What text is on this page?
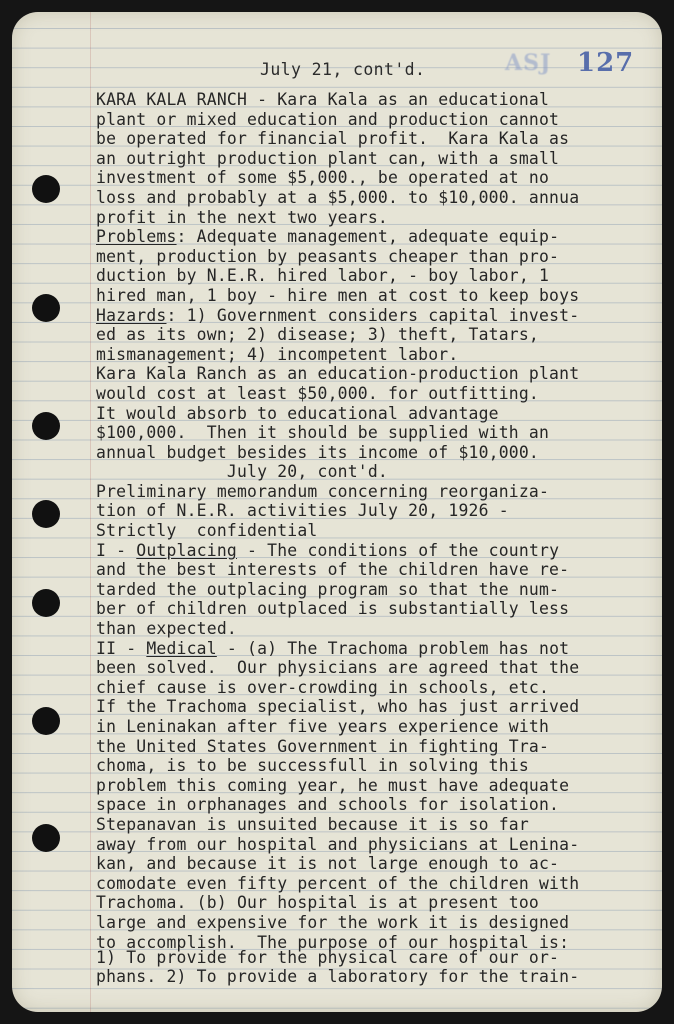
July 21, cont'd.	ASJ 127
KARA KALA RANCH - Kara Kala as an educational
plant or mixed education and production cannot
be operated for financial profit.  Kara Kala as
an outright production plant can, with a small
investment of some $5,000., be operated at no
loss and probably at a $5,000. to $10,000. annua
profit in the next two years.
Problems: Adequate management, adequate equip-
ment, production by peasants cheaper than pro-
duction by N.E.R. hired labor, - boy labor, 1
hired man, 1 boy - hire men at cost to keep boys
Hazards: 1) Government considers capital invest-
ed as its own; 2) disease; 3) theft, Tatars,
mismanagement; 4) incompetent labor.
Kara Kala Ranch as an education-production plant
would cost at least $50,000. for outfitting.
It would absorb to educational advantage
$100,000.  Then it should be supplied with an
annual budget besides its income of $10,000.
July 20, cont'd.
Preliminary memorandum concerning reorganiza-
tion of N.E.R. activities July 20, 1926 -
Strictly  confidential
I - Outplacing - The conditions of the country
and the best interests of the children have re-
tarded the outplacing program so that the num-
ber of children outplaced is substantially less
than expected.
II - Medical - (a) The Trachoma problem has not
been solved.  Our physicians are agreed that the
chief cause is over-crowding in schools, etc.
If the Trachoma specialist, who has just arrived
in Leninakan after five years experience with
the United States Government in fighting Tra-
choma, is to be successfull in solving this
problem this coming year, he must have adequate
space in orphanages and schools for isolation.
Stepanavan is unsuited because it is so far
away from our hospital and physicians at Lenina-
kan, and because it is not large enough to ac-
comodate even fifty percent of the children with
Trachoma. (b) Our hospital is at present too
large and expensive for the work it is designed
to accomplish.  The purpose of our hospital is:
1) To provide for the physical care of our or-
phans. 2) To provide a laboratory for the train-
